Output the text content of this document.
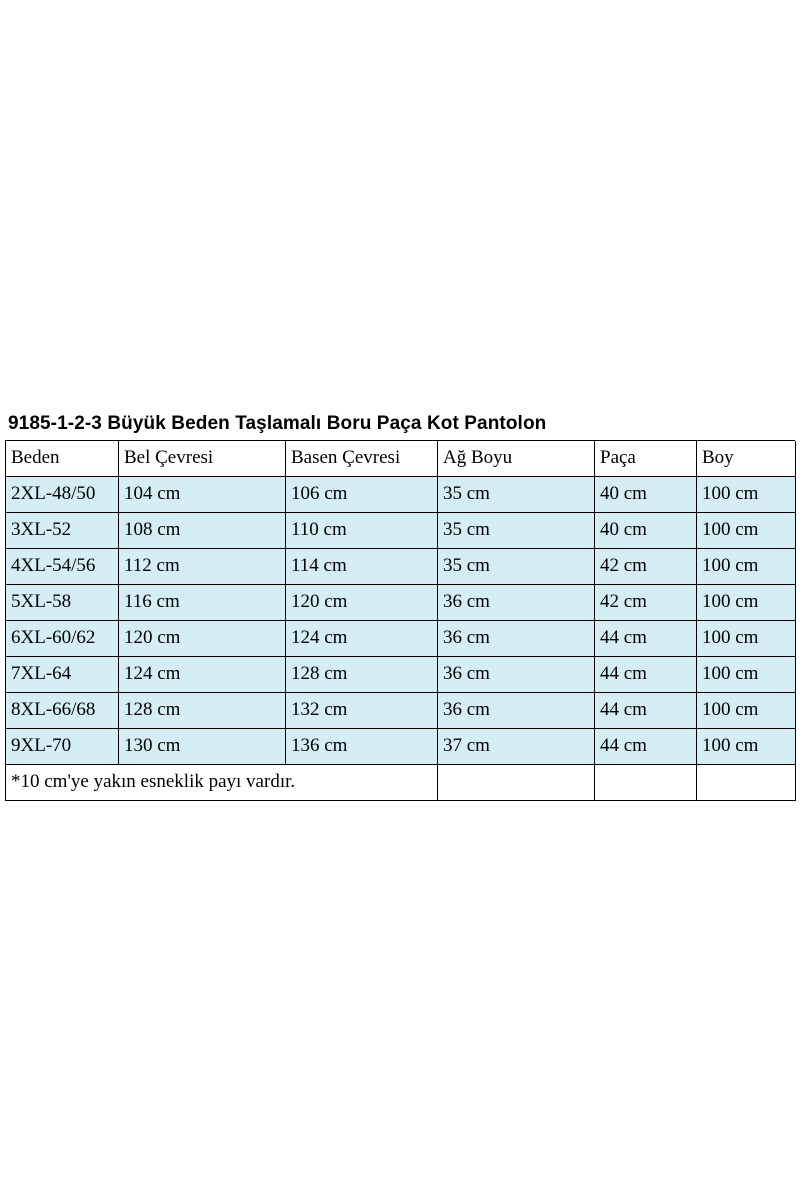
9185-1-2-3 Büyük Beden Taşlamalı Boru Paça Kot Pantolon
Beden	Bel Çevresi	Basen Çevresi	Ağ Boyu	Paça	Boy
2XL-48/50	104 cm	106 cm	35 cm	40 cm	100 cm
3XL-52	108 cm	110 cm	35 cm	40 cm	100 cm
4XL-54/56	112 cm	114 cm	35 cm	42 cm	100 cm
5XL-58	116 cm	120 cm	36 cm	42 cm	100 cm
6XL-60/62	120 cm	124 cm	36 cm	44 cm	100 cm
7XL-64	124 cm	128 cm	36 cm	44 cm	100 cm
8XL-66/68	128 cm	132 cm	36 cm	44 cm	100 cm
9XL-70	130 cm	136 cm	37 cm	44 cm	100 cm
*10 cm'ye yakın esneklik payı vardır.					
